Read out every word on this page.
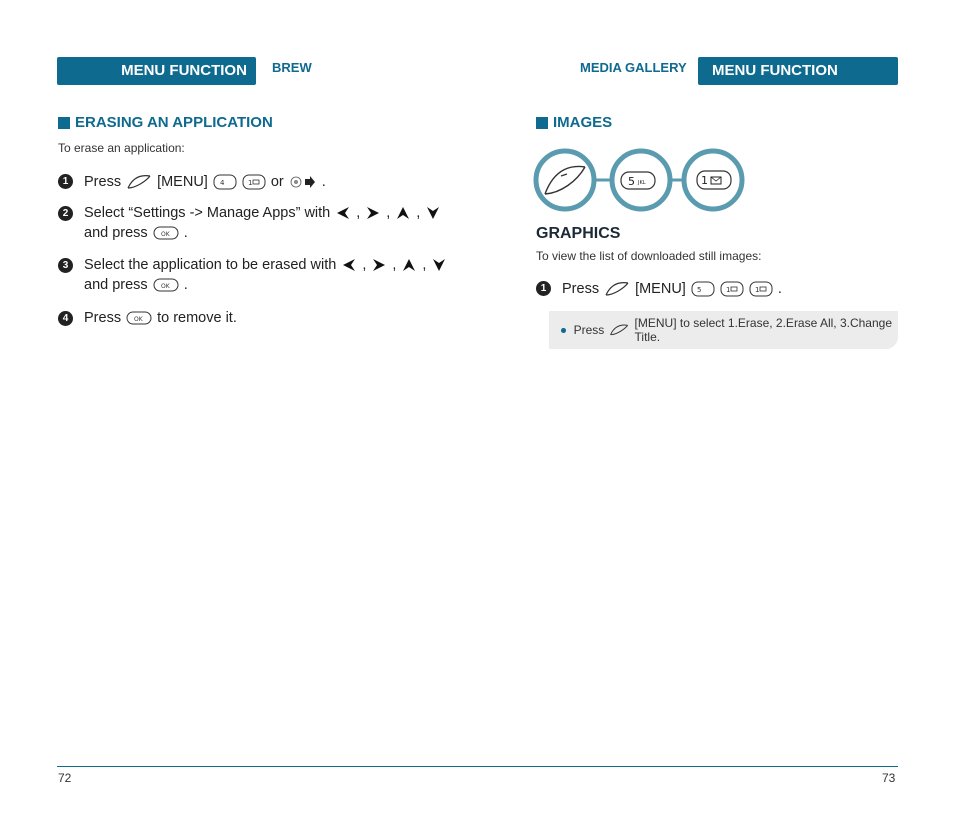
MENU FUNCTION	BREW	MEDIA GALLERY	MENU FUNCTION
ERASING AN APPLICATION
To erase an application:
1	Press [MENU] 4	1 or	.
2	Select “Settings -> Manage Apps” with , , ,
and press OK .
3	Select the application to be erased with , , ,
and press OK .
4	Press OK to remove it.
IMAGES
5 JKL	1
GRAPHICS
To view the list of downloaded still images:
1	Press [MENU] 5	1	1 .
Press	[MENU] to select 1.Erase, 2.Erase All, 3.Change Title.
72	73
